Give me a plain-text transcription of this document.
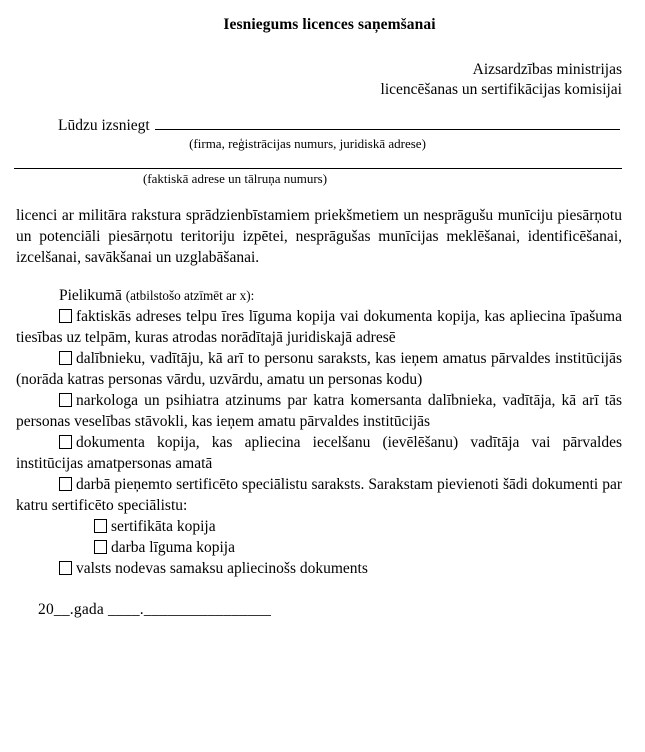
Iesniegums licences saņemšanai
Aizsardzības ministrijas
licencēšanas un sertifikācijas komisijai
Lūdzu izsniegt
(firma, reģistrācijas numurs, juridiskā adrese)
(faktiskā adrese un tālruņa numurs)
licenci ar militāra rakstura sprādzienbīstamiem priekšmetiem un nesprāgušu munīciju piesārņotu un potenciāli piesārņotu teritoriju izpētei, nesprāgušas munīcijas meklēšanai, identificēšanai, izcelšanai, savākšanai un uzglabāšanai.
Pielikumā (atbilstošo atzīmēt ar x):
faktiskās adreses telpu īres līguma kopija vai dokumenta kopija, kas apliecina īpašuma tiesības uz telpām, kuras atrodas norādītajā juridiskajā adresē
dalībnieku, vadītāju, kā arī to personu saraksts, kas ieņem amatus pārvaldes institūcijās (norāda katras personas vārdu, uzvārdu, amatu un personas kodu)
narkologa un psihiatra atzinums par katra komersanta dalībnieka, vadītāja, kā arī tās personas veselības stāvokli, kas ieņem amatu pārvaldes institūcijās
dokumenta kopija, kas apliecina iecelšanu (ievēlēšanu) vadītāja vai pārvaldes institūcijas amatpersonas amatā
darbā pieņemto sertificēto speciālistu saraksts. Sarakstam pievienoti šādi dokumenti par katru sertificēto speciālistu:
sertifikāta kopija
darba līguma kopija
valsts nodevas samaksu apliecinošs dokuments
20__.gada ____.________________
